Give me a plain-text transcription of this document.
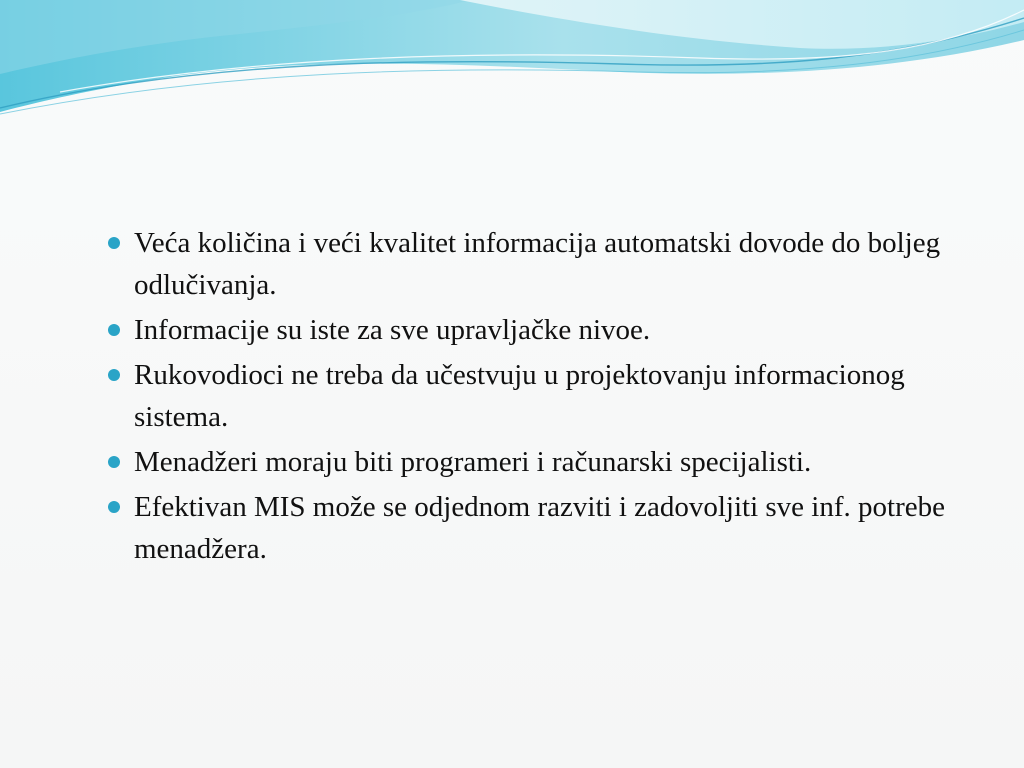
Veća količina i veći kvalitet informacija automatski dovode do boljeg odlučivanja.
Informacije su iste za sve upravljačke nivoe.
Rukovodioci ne treba da učestvuju u projektovanju informacionog sistema.
Menadžeri moraju biti programeri i računarski specijalisti.
Efektivan MIS može se odjednom razviti i zadovoljiti sve inf. potrebe menadžera.
